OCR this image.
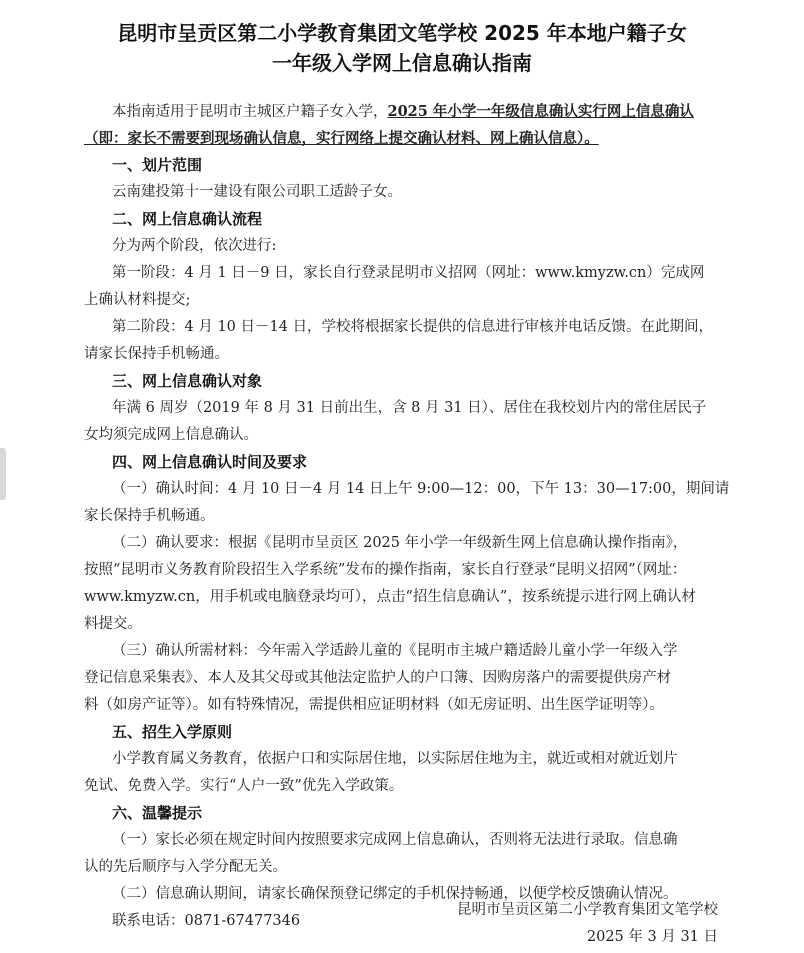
昆明市呈贡区第二小学教育集团文笔学校 2025 年本地户籍子女
一年级入学网上信息确认指南
本指南适用于昆明市主城区户籍子女入学，2025 年小学一年级信息确认实行网上信息确认
（即：家长不需要到现场确认信息，实行网络上提交确认材料、网上确认信息）。
一、划片范围
云南建投第十一建设有限公司职工适龄子女。
二、网上信息确认流程
分为两个阶段，依次进行:
第一阶段：4 月 1 日－9 日，家长自行登录昆明市义招网（网址：www.kmyzw.cn）完成网
上确认材料提交;
第二阶段：4 月 10 日－14 日，学校将根据家长提供的信息进行审核并电话反馈。在此期间，
请家长保持手机畅通。
三、网上信息确认对象
年满 6 周岁（2019 年 8 月 31 日前出生，含 8 月 31 日）、居住在我校划片内的常住居民子
女均须完成网上信息确认。
四、网上信息确认时间及要求
（一）确认时间：4 月 10 日－4 月 14 日上午 9:00—12：00，下午 13：30—17:00，期间请
家长保持手机畅通。
（二）确认要求：根据《昆明市呈贡区 2025 年小学一年级新生网上信息确认操作指南》，
按照“昆明市义务教育阶段招生入学系统”发布的操作指南，家长自行登录“昆明义招网”（网址：
www.kmyzw.cn，用手机或电脑登录均可），点击“招生信息确认”，按系统提示进行网上确认材
料提交。
（三）确认所需材料：今年需入学适龄儿童的《昆明市主城户籍适龄儿童小学一年级入学
登记信息采集表》、本人及其父母或其他法定监护人的户口簿、因购房落户的需要提供房产材
料（如房产证等）。如有特殊情况，需提供相应证明材料（如无房证明、出生医学证明等）。
五、招生入学原则
小学教育属义务教育，依据户口和实际居住地，以实际居住地为主，就近或相对就近划片
免试、免费入学。实行“人户一致”优先入学政策。
六、温馨提示
（一）家长必须在规定时间内按照要求完成网上信息确认，否则将无法进行录取。信息确
认的先后顺序与入学分配无关。
（二）信息确认期间，请家长确保预登记绑定的手机保持畅通，以便学校反馈确认情况。
联系电话：0871-67477346
昆明市呈贡区第二小学教育集团文笔学校
2025 年 3 月 31 日
